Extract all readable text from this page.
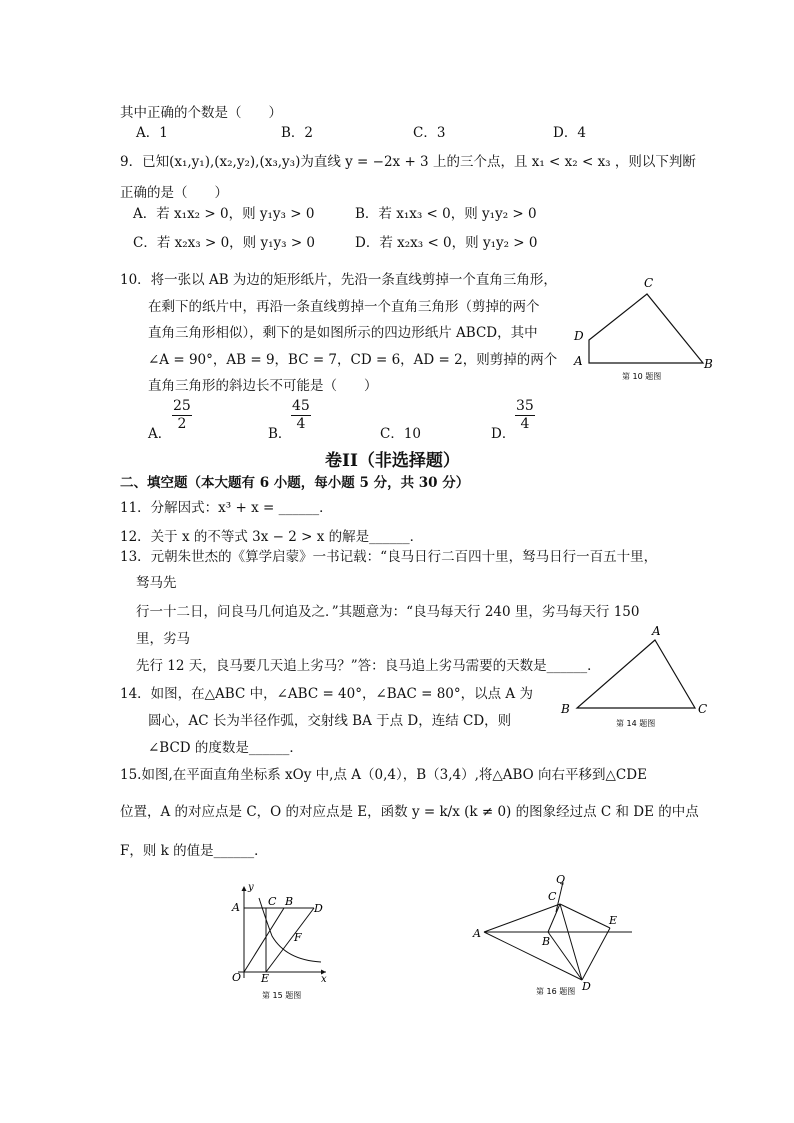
其中正确的个数是（　　）
A．1	B．2	C．3	D．4
9．已知(x₁,y₁),(x₂,y₂),(x₃,y₃)为直线 y = −2x + 3 上的三个点，且 x₁ < x₂ < x₃ ，则以下判断
正确的是（　　）
A．若 x₁x₂ > 0，则 y₁y₃ > 0	B．若 x₁x₃ < 0，则 y₁y₂ > 0
C．若 x₂x₃ > 0，则 y₁y₃ > 0	D．若 x₂x₃ < 0，则 y₁y₂ > 0
10．将一张以 AB 为边的矩形纸片，先沿一条直线剪掉一个直角三角形，
在剩下的纸片中，再沿一条直线剪掉一个直角三角形（剪掉的两个
直角三角形相似），剩下的是如图所示的四边形纸片 ABCD，其中
∠A = 90°，AB = 9，BC = 7，CD = 6，AD = 2，则剪掉的两个
直角三角形的斜边长不可能是（　　）
A．
$\frac{25}{2}$
B．
$\frac{45}{4}$
C．10	D．
$\frac{35}{4}$
C
D
A	B
第 10 题图
卷II（非选择题）
二、填空题（本大题有 6 小题，每小题 5 分，共 30 分）
11．分解因式：x³ + x = ______．
12．关于 x 的不等式 3x − 2 > x 的解是______．
13．元朝朱世杰的《算学启蒙》一书记载：“良马日行二百四十里，驽马日行一百五十里，
驽马先
行一十二日，问良马几何追及之．”其题意为：“良马每天行 240 里，劣马每天行 150
里，劣马
先行 12 天，良马要几天追上劣马？”答：良马追上劣马需要的天数是______．
14．如图，在△ABC 中，∠ABC = 40°，∠BAC = 80°，以点 A 为
圆心，AC 长为半径作弧，交射线 BA 于点 D，连结 CD，则
∠BCD 的度数是______．
A
B	C
第 14 题图
15.如图,在平面直角坐标系 xOy 中,点 A（0,4），B（3,4）,将△ABO 向右平移到△CDE
位置，A 的对应点是 C，O 的对应点是 E，函数 y = k/x (k ≠ 0) 的图象经过点 C 和 DE 的中点
F，则 k 的值是______．
y
A	C B
D
F
O E	x
第 15 题图
Q
C
A
B
E
D
第 16 题图
